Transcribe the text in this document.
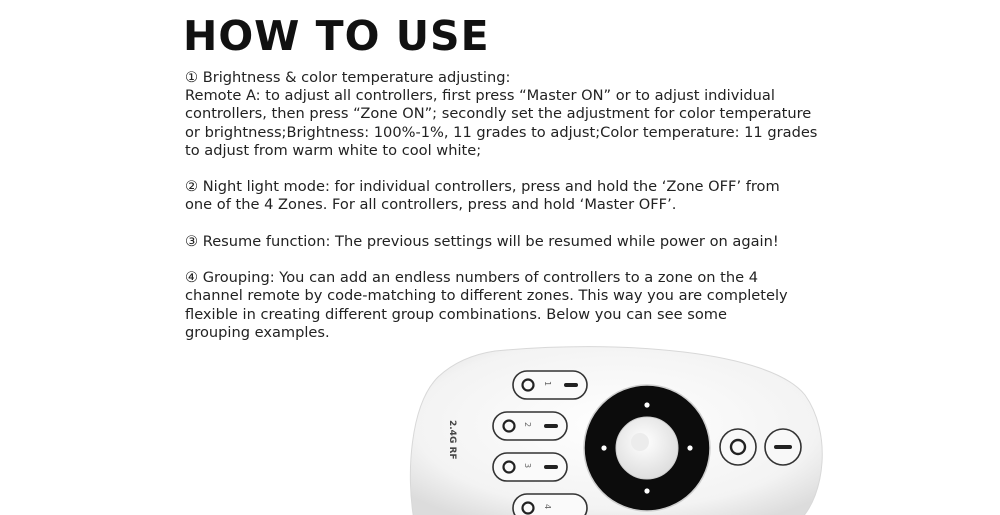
HOW TO USE

① Brightness & color temperature adjusting:
Remote A: to adjust all controllers, first press “Master ON” or to adjust individual
controllers, then press “Zone ON”; secondly set the adjustment for color temperature
or brightness;Brightness: 100%-1%, 11 grades to adjust;Color temperature: 11 grades
to adjust from warm white to cool white;

② Night light mode: for individual controllers, press and hold the ‘Zone OFF’ from
one of the 4 Zones. For all controllers, press and hold ‘Master OFF’.

③ Resume function: The previous settings will be resumed while power on again!

④ Grouping: You can add an endless numbers of controllers to a zone on the 4
channel remote by code-matching to different zones. This way you are completely
flexible in creating different group combinations. Below you can see some
grouping examples.

2.4G RF
1
2
3
4
